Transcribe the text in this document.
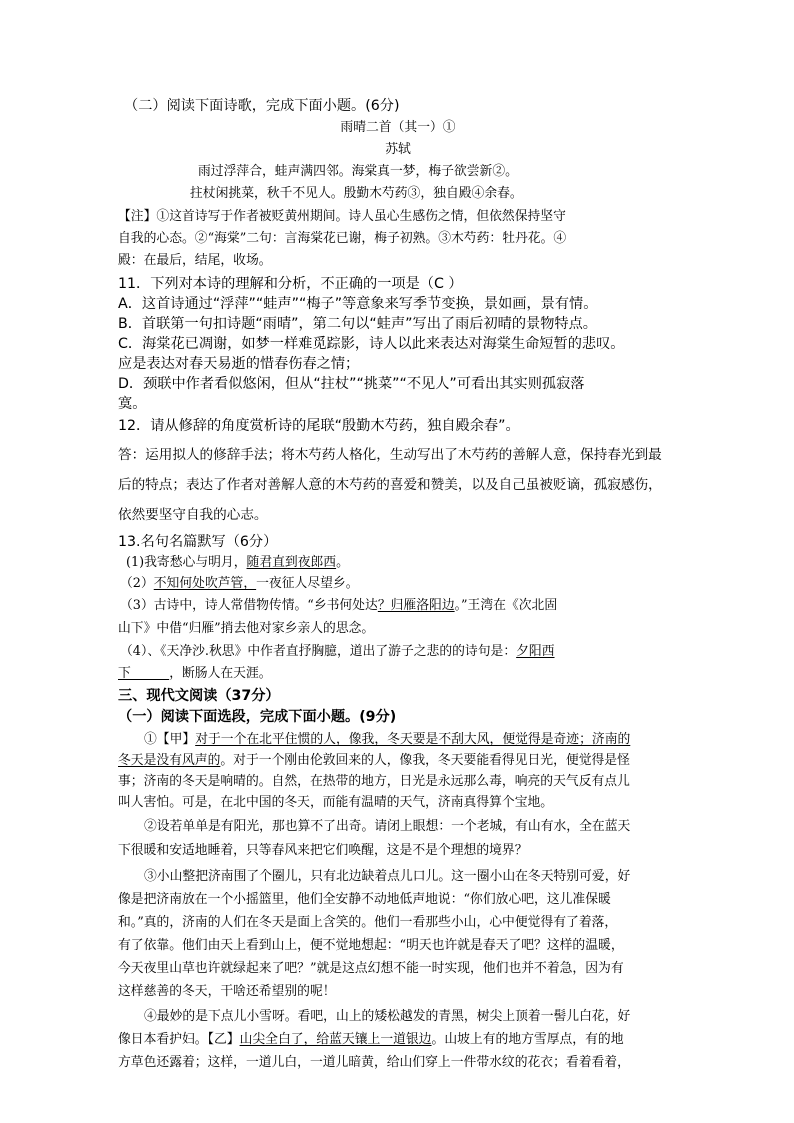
（二）阅读下面诗歌，完成下面小题。(6分)
雨晴二首（其一）①
苏轼
雨过浮萍合，蛙声满四邻。海棠真一梦，梅子欲尝新②。
拄杖闲挑菜，秋千不见人。殷勤木芍药③，独自殿④余春。
【注】①这首诗写于作者被贬黄州期间。诗人虽心生感伤之情，但依然保持坚守
自我的心态。②“海棠”二句：言海棠花已谢，梅子初熟。③木芍药：牡丹花。④
殿：在最后，结尾，收场。
11．下列对本诗的理解和分析，不正确的一项是（C ）
A．这首诗通过“浮萍”“蛙声”“梅子”等意象来写季节变换，景如画，景有情。
B．首联第一句扣诗题“雨晴”，第二句以“蛙声”写出了雨后初晴的景物特点。
C．海棠花已凋谢，如梦一样难觅踪影，诗人以此来表达对海棠生命短暂的悲叹。
应是表达对春天易逝的惜春伤春之情；
D．颈联中作者看似悠闲，但从“拄杖”“挑菜”“不见人”可看出其实则孤寂落
寞。
12．请从修辞的角度赏析诗的尾联“殷勤木芍药，独自殿余春”。
答：运用拟人的修辞手法；将木芍药人格化，生动写出了木芍药的善解人意，保持春光到最
后的特点；表达了作者对善解人意的木芍药的喜爱和赞美，以及自己虽被贬谪，孤寂感伤，
依然要坚守自我的心志。
13.名句名篇默写（6分）
(1)我寄愁心与明月，随君直到夜郎西。
（2）不知何处吹芦管，一夜征人尽望乡。
（3）古诗中，诗人常借物传情。“乡书何处达？归雁洛阳边。”王湾在《次北固
山下》中借“归雁”捎去他对家乡亲人的思念。
（4）、《天净沙.秋思》中作者直抒胸臆，道出了游子之悲的的诗句是：夕阳西
下　　　，断肠人在天涯。
三、现代文阅读（37分）
（一）阅读下面选段，完成下面小题。(9分)
①【甲】对于一个在北平住惯的人，像我，冬天要是不刮大风，便觉得是奇迹；济南的
冬天是没有风声的。对于一个刚由伦敦回来的人，像我，冬天要能看得见日光，便觉得是怪
事；济南的冬天是响晴的。自然，在热带的地方，日光是永远那么毒，响亮的天气反有点儿
叫人害怕。可是，在北中国的冬天，而能有温晴的天气，济南真得算个宝地。
②设若单单是有阳光，那也算不了出奇。请闭上眼想：一个老城，有山有水，全在蓝天
下很暖和安适地睡着，只等春风来把它们唤醒，这是不是个理想的境界？
③小山整把济南围了个圈儿，只有北边缺着点儿口儿。这一圈小山在冬天特别可爱，好
像是把济南放在一个小摇篮里，他们全安静不动地低声地说：“你们放心吧，这儿准保暖
和。”真的，济南的人们在冬天是面上含笑的。他们一看那些小山，心中便觉得有了着落，
有了依靠。他们由天上看到山上，便不觉地想起：“明天也许就是春天了吧？这样的温暖，
今天夜里山草也许就绿起来了吧？”就是这点幻想不能一时实现，他们也并不着急，因为有
这样慈善的冬天，干啥还希望别的呢！
④最妙的是下点儿小雪呀。看吧，山上的矮松越发的青黑，树尖上顶着一髻儿白花，好
像日本看护妇。【乙】山尖全白了，给蓝天镶上一道银边。山坡上有的地方雪厚点，有的地
方草色还露着；这样，一道儿白，一道儿暗黄，给山们穿上一件带水纹的花衣；看着看着，
